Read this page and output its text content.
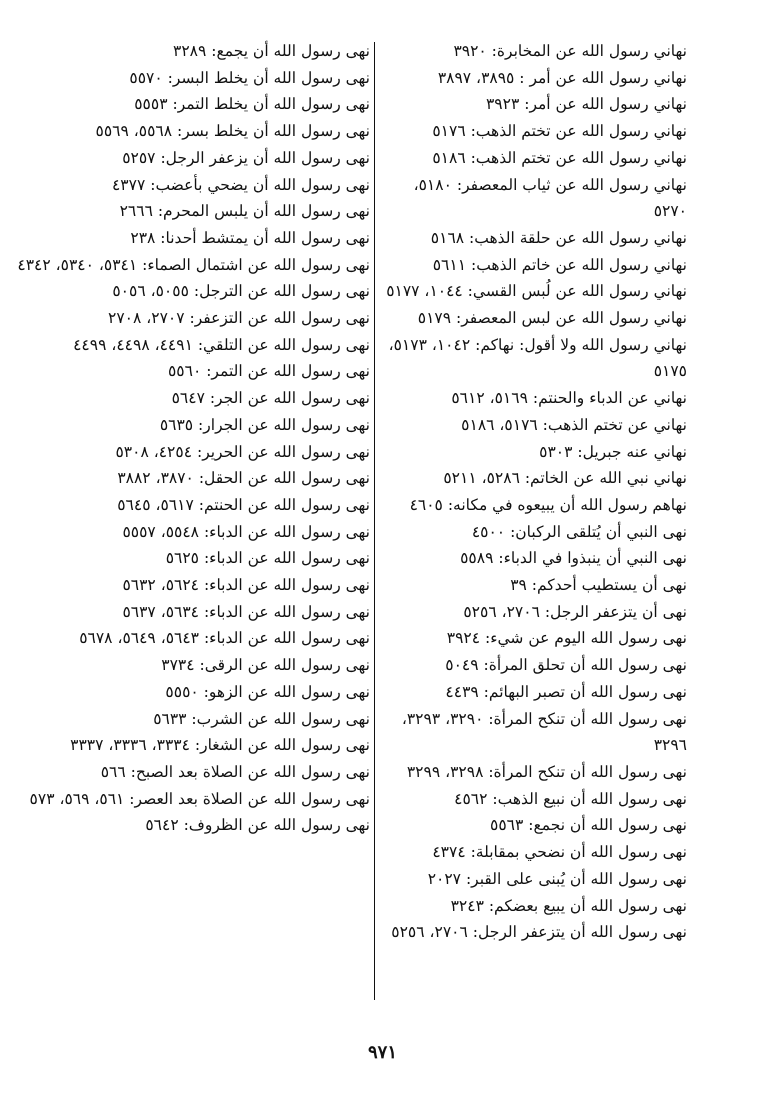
نهاني رسول الله عن المخابرة: ٣٩٢٠
نهاني رسول الله عن أمر : ٣٨٩٥، ٣٨٩٧
نهاني رسول الله عن أمر: ٣٩٢٣
نهاني رسول الله عن تختم الذهب: ٥١٧٦
نهاني رسول الله عن تختم الذهب: ٥١٨٦
نهاني رسول الله عن ثياب المعصفر: ٥١٨٠، ٥٢٧٠
نهاني رسول الله عن حلقة الذهب: ٥١٦٨
نهاني رسول الله عن خاتم الذهب: ٥٦١١
نهاني رسول الله عن لُبس القسي: ١٠٤٤، ٥١٧٧
نهاني رسول الله عن لبس المعصفر: ٥١٧٩
نهاني رسول الله ولا أقول: نهاكم: ١٠٤٢، ٥١٧٣، ٥١٧٥
نهاني عن الدباء والحنتم: ٥١٦٩، ٥٦١٢
نهاني عن تختم الذهب: ٥١٧٦، ٥١٨٦
نهاني عنه جبريل: ٥٣٠٣
نهاني نبي الله عن الخاتم: ٥٢٨٦، ٥٢١١
نهاهم رسول الله أن يبيعوه في مكانه: ٤٦٠٥
نهى النبي أن يُتلقى الركبان: ٤٥٠٠
نهى النبي أن ينبذوا في الدباء: ٥٥٨٩
نهى أن يستطيب أحدكم: ٣٩
نهى أن يتزعفر الرجل: ٢٧٠٦، ٥٢٥٦
نهى رسول الله اليوم عن شيء: ٣٩٢٤
نهى رسول الله أن تحلق المرأة: ٥٠٤٩
نهى رسول الله أن تصبر البهائم: ٤٤٣٩
نهى رسول الله أن تنكح المرأة: ٣٢٩٠، ٣٢٩٣، ٣٢٩٦
نهى رسول الله أن تنكح المرأة: ٣٢٩٨، ٣٢٩٩
نهى رسول الله أن نبيع الذهب: ٤٥٦٢
نهى رسول الله أن نجمع: ٥٥٦٣
نهى رسول الله أن نضحي بمقابلة: ٤٣٧٤
نهى رسول الله أن يُبنى على القبر: ٢٠٢٧
نهى رسول الله أن يبيع بعضكم: ٣٢٤٣
نهى رسول الله أن يتزعفر الرجل: ٢٧٠٦، ٥٢٥٦
نهى رسول الله أن يجمع: ٣٢٨٩
نهى رسول الله أن يخلط البسر: ٥٥٧٠
نهى رسول الله أن يخلط التمر: ٥٥٥٣
نهى رسول الله أن يخلط بسر: ٥٥٦٨، ٥٥٦٩
نهى رسول الله أن يزعفر الرجل: ٥٢٥٧
نهى رسول الله أن يضحي بأعضب: ٤٣٧٧
نهى رسول الله أن يلبس المحرم: ٢٦٦٦
نهى رسول الله أن يمتشط أحدنا: ٢٣٨
نهى رسول الله عن اشتمال الصماء: ٥٣٤١، ٥٣٤٠، ٤٣٤٢
نهى رسول الله عن الترجل: ٥٠٥٥، ٥٠٥٦
نهى رسول الله عن التزعفر: ٢٧٠٧، ٢٧٠٨
نهى رسول الله عن التلقي: ٤٤٩١، ٤٤٩٨، ٤٤٩٩
نهى رسول الله عن التمر: ٥٥٦٠
نهى رسول الله عن الجر: ٥٦٤٧
نهى رسول الله عن الجرار: ٥٦٣٥
نهى رسول الله عن الحرير: ٤٢٥٤، ٥٣٠٨
نهى رسول الله عن الحقل: ٣٨٧٠، ٣٨٨٢
نهى رسول الله عن الحنتم: ٥٦١٧، ٥٦٤٥
نهى رسول الله عن الدباء: ٥٥٤٨، ٥٥٥٧
نهى رسول الله عن الدباء: ٥٦٢٥
نهى رسول الله عن الدباء: ٥٦٢٤، ٥٦٣٢
نهى رسول الله عن الدباء: ٥٦٣٤، ٥٦٣٧
نهى رسول الله عن الدباء: ٥٦٤٣، ٥٦٤٩، ٥٦٧٨
نهى رسول الله عن الرقى: ٣٧٣٤
نهى رسول الله عن الزهو: ٥٥٥٠
نهى رسول الله عن الشرب: ٥٦٣٣
نهى رسول الله عن الشغار: ٣٣٣٤، ٣٣٣٦، ٣٣٣٧
نهى رسول الله عن الصلاة بعد الصبح: ٥٦٦
نهى رسول الله عن الصلاة بعد العصر: ٥٦١، ٥٦٩، ٥٧٣
نهى رسول الله عن الظروف: ٥٦٤٢
٩٧١
